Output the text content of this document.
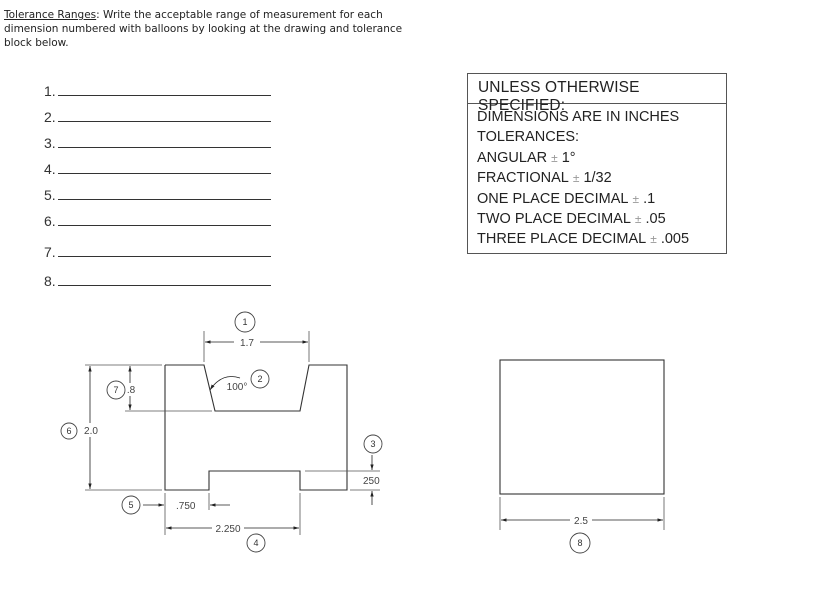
Tolerance Ranges: Write the acceptable range of measurement for each dimension numbered with balloons by looking at the drawing and tolerance block below.
1.
2.
3.
4.
5.
6.
7.
8.
UNLESS OTHERWISE SPECIFIED:
DIMENSIONS ARE IN INCHES
TOLERANCES:
ANGULAR ± 1°
FRACTIONAL ± 1/32
ONE PLACE DECIMAL ± .1
TWO PLACE DECIMAL ± .05
THREE PLACE DECIMAL ± .005
1.7
100°
250
.750
2.250
2.0
.8
2.5
1
2
3
4
5
6
7
8
